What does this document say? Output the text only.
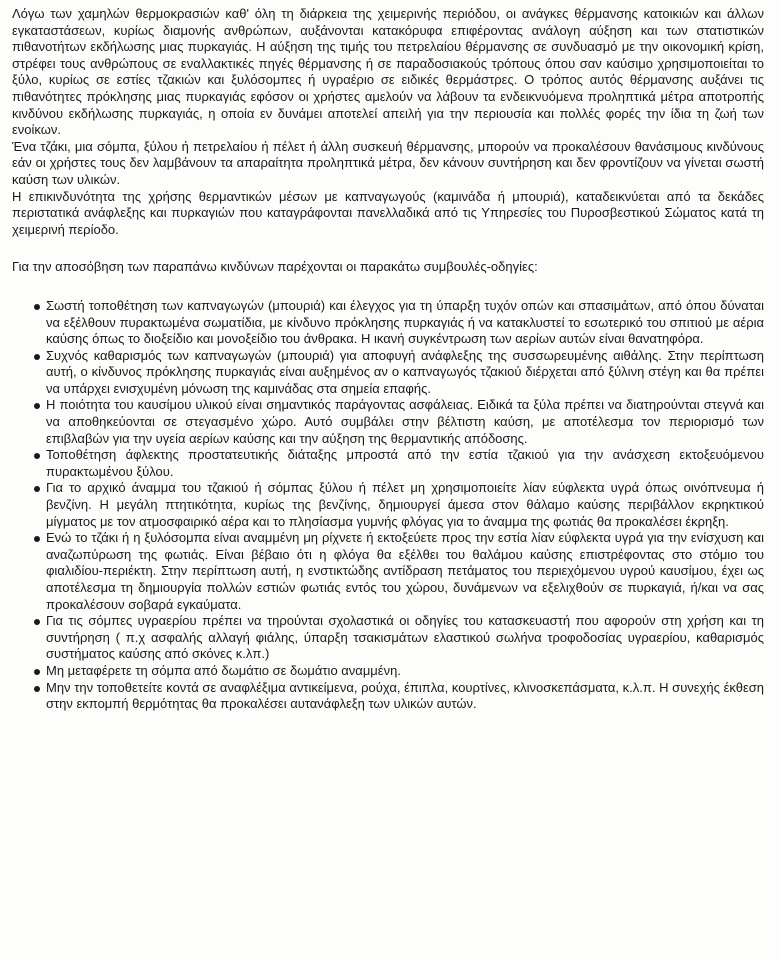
Λόγω των χαμηλών θερμοκρασιών καθ' όλη τη διάρκεια της χειμερινής περιόδου, οι ανάγκες θέρμανσης κατοικιών και άλλων εγκαταστάσεων, κυρίως διαμονής ανθρώπων, αυξάνονται κατακόρυφα επιφέροντας ανάλογη αύξηση και των στατιστικών πιθανοτήτων εκδήλωσης μιας πυρκαγιάς. Η αύξηση της τιμής του πετρελαίου θέρμανσης σε συνδυασμό με την οικονομική κρίση, στρέφει τους ανθρώπους σε εναλλακτικές πηγές θέρμανσης ή σε παραδοσιακούς τρόπους όπου σαν καύσιμο χρησιμοποιείται το ξύλο, κυρίως σε εστίες τζακιών και ξυλόσομπες ή υγραέριο σε ειδικές θερμάστρες. Ο τρόπος αυτός θέρμανσης αυξάνει τις πιθανότητες πρόκλησης μιας πυρκαγιάς εφόσον οι χρήστες αμελούν να λάβουν τα ενδεικνυόμενα προληπτικά μέτρα αποτροπής κινδύνου εκδήλωσης πυρκαγιάς, η οποία εν δυνάμει αποτελεί απειλή για την περιουσία και πολλές φορές την ίδια τη ζωή των ενοίκων.

Ένα τζάκι, μια σόμπα, ξύλου ή πετρελαίου ή πέλετ ή άλλη συσκευή θέρμανσης, μπορούν να προκαλέσουν θανάσιμους κινδύνους εάν οι χρήστες τους δεν λαμβάνουν τα απαραίτητα προληπτικά μέτρα, δεν κάνουν συντήρηση και δεν φροντίζουν να γίνεται σωστή καύση των υλικών.

Η επικινδυνότητα της χρήσης θερμαντικών μέσων με καπναγωγούς (καμινάδα ή μπουριά), καταδεικνύεται από τα δεκάδες περιστατικά ανάφλεξης και πυρκαγιών που καταγράφονται πανελλαδικά από τις Υπηρεσίες του Πυροσβεστικού Σώματος κατά τη χειμερινή περίοδο.

Για την αποσόβηση των παραπάνω κινδύνων παρέχονται οι παρακάτω συμβουλές-οδηγίες:

Σωστή τοποθέτηση των καπναγωγών (μπουριά) και έλεγχος για τη ύπαρξη τυχόν οπών και σπασιμάτων, από όπου δύναται να εξέλθουν πυρακτωμένα σωματίδια, με κίνδυνο πρόκλησης πυρκαγιάς ή να κατακλυστεί το εσωτερικό του σπιτιού με αέρια καύσης όπως το διοξείδιο και μονοξείδιο του άνθρακα. Η ικανή συγκέντρωση των αερίων αυτών είναι θανατηφόρα.
Συχνός καθαρισμός των καπναγωγών (μπουριά) για αποφυγή ανάφλεξης της συσσωρευμένης αιθάλης. Στην περίπτωση αυτή, ο κίνδυνος πρόκλησης πυρκαγιάς είναι αυξημένος αν ο καπναγωγός τζακιού διέρχεται από ξύλινη στέγη και θα πρέπει να υπάρχει ενισχυμένη μόνωση της καμινάδας στα σημεία επαφής.
Η ποιότητα του καυσίμου υλικού είναι σημαντικός παράγοντας ασφάλειας. Ειδικά τα ξύλα πρέπει να διατηρούνται στεγνά και να αποθηκεύονται σε στεγασμένο χώρο. Αυτό συμβάλει στην βέλτιστη καύση, με αποτέλεσμα τον περιορισμό των επιβλαβών για την υγεία αερίων καύσης και την αύξηση της θερμαντικής απόδοσης.
Τοποθέτηση άφλεκτης προστατευτικής διάταξης μπροστά από την εστία τζακιού για την ανάσχεση εκτοξευόμενου πυρακτωμένου ξύλου.
Για το αρχικό άναμμα του τζακιού ή σόμπας ξύλου ή πέλετ μη χρησιμοποιείτε λίαν εύφλεκτα υγρά όπως οινόπνευμα ή βενζίνη. Η μεγάλη πτητικότητα, κυρίως της βενζίνης, δημιουργεί άμεσα στον θάλαμο καύσης περιβάλλον εκρηκτικού μίγματος με τον ατμοσφαιρικό αέρα και το πλησίασμα γυμνής φλόγας για το άναμμα της φωτιάς θα προκαλέσει έκρηξη.
Ενώ το τζάκι ή η ξυλόσομπα είναι αναμμένη μη ρίχνετε ή εκτοξεύετε προς την εστία λίαν εύφλεκτα υγρά για την ενίσχυση και αναζωπύρωση της φωτιάς. Είναι βέβαιο ότι η φλόγα θα εξέλθει του θαλάμου καύσης επιστρέφοντας στο στόμιο του φιαλιδίου-περιέκτη. Στην περίπτωση αυτή, η ενστικτώδης αντίδραση πετάματος του περιεχόμενου υγρού καυσίμου, έχει ως αποτέλεσμα τη δημιουργία πολλών εστιών φωτιάς εντός του χώρου, δυνάμενων να εξελιχθούν σε πυρκαγιά, ή/και να σας προκαλέσουν σοβαρά εγκαύματα.
Για τις σόμπες υγραερίου πρέπει να τηρούνται σχολαστικά οι οδηγίες του κατασκευαστή που αφορούν στη χρήση και τη συντήρηση ( π.χ ασφαλής αλλαγή φιάλης, ύπαρξη τσακισμάτων ελαστικού σωλήνα τροφοδοσίας υγραερίου, καθαρισμός συστήματος καύσης από σκόνες κ.λπ.)
Μη μεταφέρετε τη σόμπα από δωμάτιο σε δωμάτιο αναμμένη.
Μην την τοποθετείτε κοντά σε αναφλέξιμα αντικείμενα, ρούχα, έπιπλα, κουρτίνες, κλινοσκεπάσματα, κ.λ.π. Η συνεχής έκθεση στην εκπομπή θερμότητας θα προκαλέσει αυτανάφλεξη των υλικών αυτών.
